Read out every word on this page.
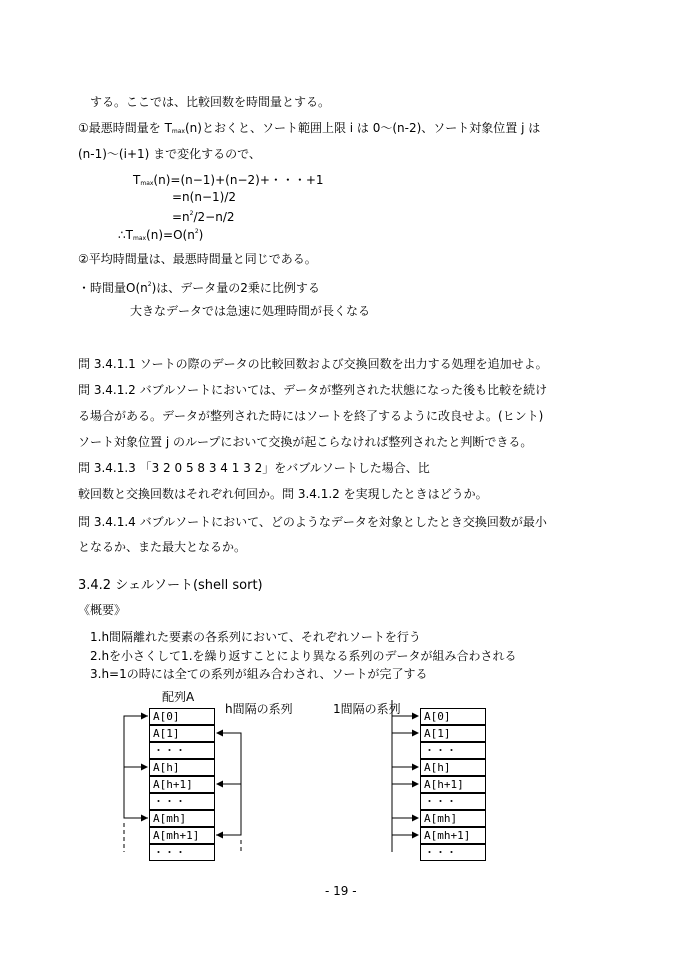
する。ここでは、比較回数を時間量とする。
①最悪時間量を Tmax(n)とおくと、ソート範囲上限 i は 0〜(n-2)、ソート対象位置 j は
(n-1)〜(i+1) まで変化するので、
Tmax(n)=(n−1)+(n−2)+・・・+1
=n(n−1)/2
$=n^2/2-n/2$
$\therefore Tmax(n)=O(n^2)$
②平均時間量は、最悪時間量と同じである。
・時間量$O(n^2)$は、データ量の2乗に比例する
大きなデータでは急速に処理時間が長くなる
問 3.4.1.1 ソートの際のデータの比較回数および交換回数を出力する処理を追加せよ。
問 3.4.1.2 バブルソートにおいては、データが整列された状態になった後も比較を続け
る場合がある。データが整列された時にはソートを終了するように改良せよ。(ヒント)
ソート対象位置 j のループにおいて交換が起こらなければ整列されたと判断できる。
問 3.4.1.3 「3 2 0 5 8 3 4 1 3 2」をバブルソートした場合、比
較回数と交換回数はそれぞれ何回か。問 3.4.1.2 を実現したときはどうか。
問 3.4.1.4 バブルソートにおいて、どのようなデータを対象としたとき交換回数が最小
となるか、また最大となるか。
3.4.2 シェルソート(shell sort)
《概要》
1.h間隔離れた要素の各系列において、それぞれソートを行う
2.hを小さくして1.を繰り返すことにより異なる系列のデータが組み合わされる
3.h=1の時には全ての系列が組み合わされ、ソートが完了する
配列A
h間隔の系列	1間隔の系列
A[0]
A[1]
・・・
A[h]
A[h+1]
・・・
A[mh]
A[mh+1]
・・・
A[0]
A[1]
・・・
A[h]
A[h+1]
・・・
A[mh]
A[mh+1]
・・・
- 19 -
